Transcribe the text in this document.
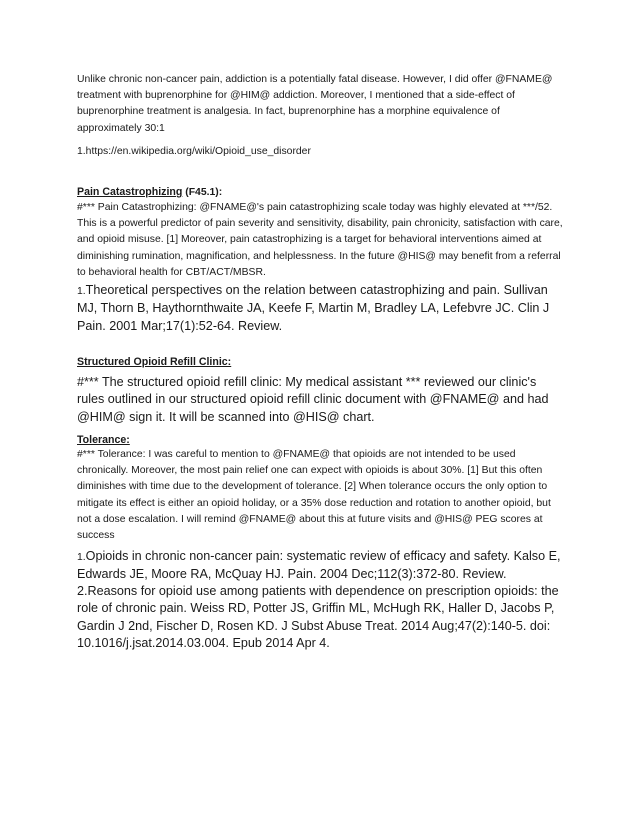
Unlike chronic non-cancer pain, addiction is a potentially fatal disease. However, I did offer @FNAME@ treatment with buprenorphine for @HIM@ addiction. Moreover, I mentioned that a side-effect of buprenorphine treatment is analgesia. In fact, buprenorphine has a morphine equivalence of approximately 30:1

1.https://en.wikipedia.org/wiki/Opioid_use_disorder

Pain Catastrophizing (F45.1):

#*** Pain Catastrophizing: @FNAME@'s pain catastrophizing scale today was highly elevated at ***/52. This is a powerful predictor of pain severity and sensitivity, disability, pain chronicity, satisfaction with care, and opioid misuse. [1] Moreover, pain catastrophizing is a target for behavioral interventions aimed at diminishing rumination, magnification, and helplessness. In the future @HIS@ may benefit from a referral to behavioral health for CBT/ACT/MBSR.

1.Theoretical perspectives on the relation between catastrophizing and pain. Sullivan MJ, Thorn B, Haythornthwaite JA, Keefe F, Martin M, Bradley LA, Lefebvre JC. Clin J Pain. 2001 Mar;17(1):52-64. Review.

Structured Opioid Refill Clinic:

#*** The structured opioid refill clinic: My medical assistant *** reviewed our clinic's rules outlined in our structured opioid refill clinic document with @FNAME@ and had @HIM@ sign it. It will be scanned into @HIS@ chart.

Tolerance:

#*** Tolerance: I was careful to mention to @FNAME@ that opioids are not intended to be used chronically. Moreover, the most pain relief one can expect with opioids is about 30%. [1] But this often diminishes with time due to the development of tolerance. [2] When tolerance occurs the only option to mitigate its effect is either an opioid holiday, or a 35% dose reduction and rotation to another opioid, but not a dose escalation. I will remind @FNAME@ about this at future visits and @HIS@ PEG scores at success

1.Opioids in chronic non-cancer pain: systematic review of efficacy and safety. Kalso E, Edwards JE, Moore RA, McQuay HJ. Pain. 2004 Dec;112(3):372-80. Review.

2.Reasons for opioid use among patients with dependence on prescription opioids: the role of chronic pain. Weiss RD, Potter JS, Griffin ML, McHugh RK, Haller D, Jacobs P, Gardin J 2nd, Fischer D, Rosen KD. J Subst Abuse Treat. 2014 Aug;47(2):140-5. doi: 10.1016/j.jsat.2014.03.004. Epub 2014 Apr 4.
